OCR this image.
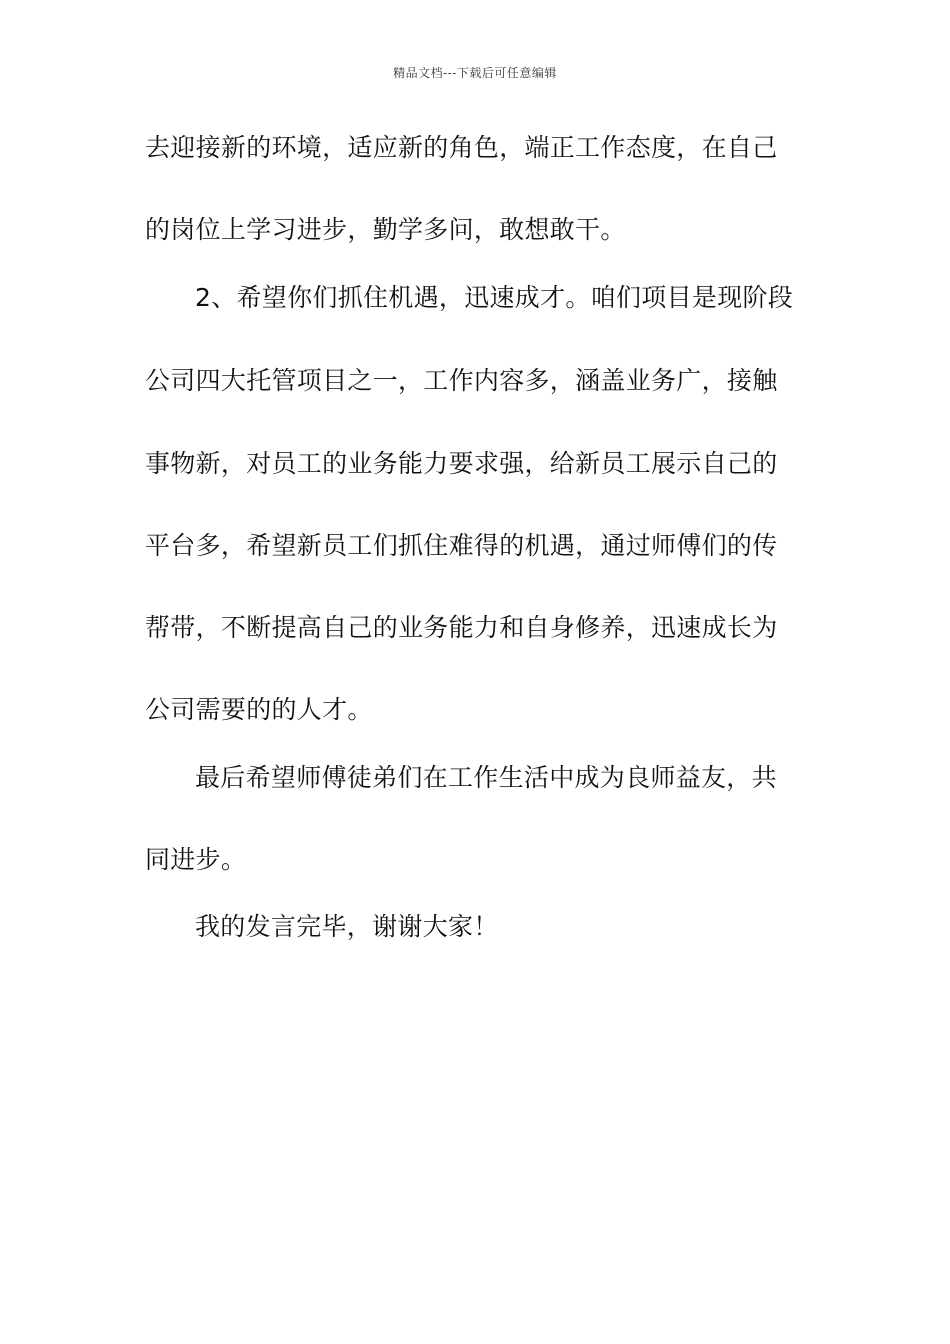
精品文档---下载后可任意编辑
去迎接新的环境，适应新的角色，端正工作态度，在自己
的岗位上学习进步，勤学多问，敢想敢干。
2、希望你们抓住机遇，迅速成才。咱们项目是现阶段
公司四大托管项目之一，工作内容多，涵盖业务广，接触
事物新，对员工的业务能力要求强，给新员工展示自己的
平台多，希望新员工们抓住难得的机遇，通过师傅们的传
帮带，不断提高自己的业务能力和自身修养，迅速成长为
公司需要的的人才。
最后希望师傅徒弟们在工作生活中成为良师益友，共
同进步。
我的发言完毕，谢谢大家！
